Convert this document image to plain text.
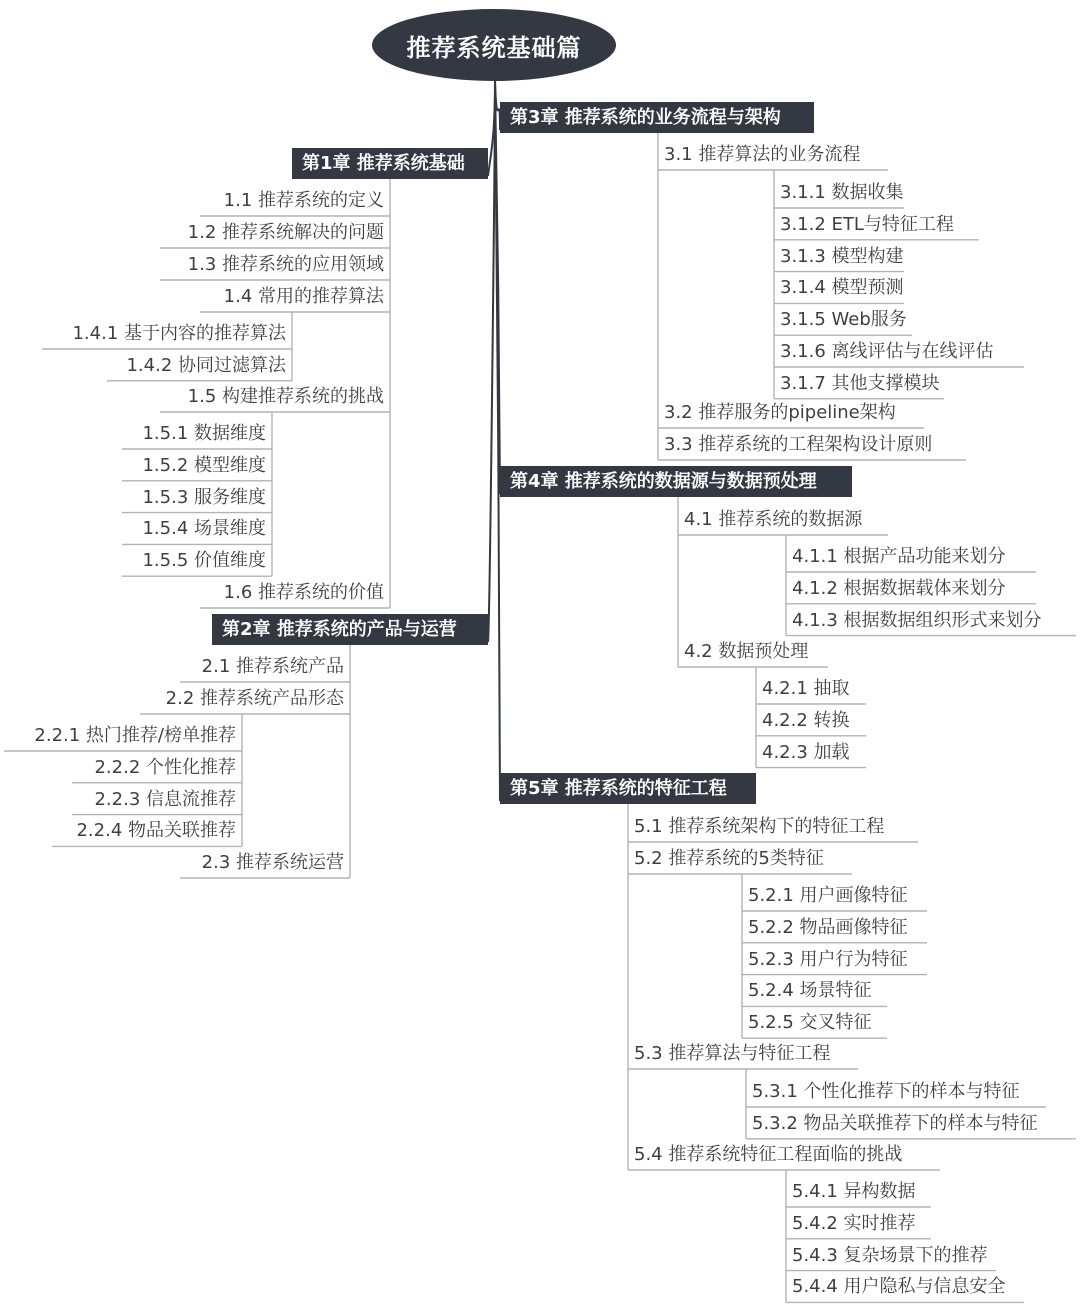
推荐系统基础篇
第1章 推荐系统基础
1.1 推荐系统的定义
1.2 推荐系统解决的问题
1.3 推荐系统的应用领域
1.4 常用的推荐算法
1.4.1 基于内容的推荐算法
1.4.2 协同过滤算法
1.5 构建推荐系统的挑战
1.5.1 数据维度
1.5.2 模型维度
1.5.3 服务维度
1.5.4 场景维度
1.5.5 价值维度
1.6 推荐系统的价值
第2章 推荐系统的产品与运营
2.1 推荐系统产品
2.2 推荐系统产品形态
2.2.1 热门推荐/榜单推荐
2.2.2 个性化推荐
2.2.3 信息流推荐
2.2.4 物品关联推荐
2.3 推荐系统运营
第3章 推荐系统的业务流程与架构
3.1 推荐算法的业务流程
3.1.1 数据收集
3.1.2 ETL与特征工程
3.1.3 模型构建
3.1.4 模型预测
3.1.5 Web服务
3.1.6 离线评估与在线评估
3.1.7 其他支撑模块
3.2 推荐服务的pipeline架构
3.3 推荐系统的工程架构设计原则
第4章 推荐系统的数据源与数据预处理
4.1 推荐系统的数据源
4.1.1 根据产品功能来划分
4.1.2 根据数据载体来划分
4.1.3 根据数据组织形式来划分
4.2 数据预处理
4.2.1 抽取
4.2.2 转换
4.2.3 加载
第5章 推荐系统的特征工程
5.1 推荐系统架构下的特征工程
5.2 推荐系统的5类特征
5.2.1 用户画像特征
5.2.2 物品画像特征
5.2.3 用户行为特征
5.2.4 场景特征
5.2.5 交叉特征
5.3 推荐算法与特征工程
5.3.1 个性化推荐下的样本与特征
5.3.2 物品关联推荐下的样本与特征
5.4 推荐系统特征工程面临的挑战
5.4.1 异构数据
5.4.2 实时推荐
5.4.3 复杂场景下的推荐
5.4.4 用户隐私与信息安全
